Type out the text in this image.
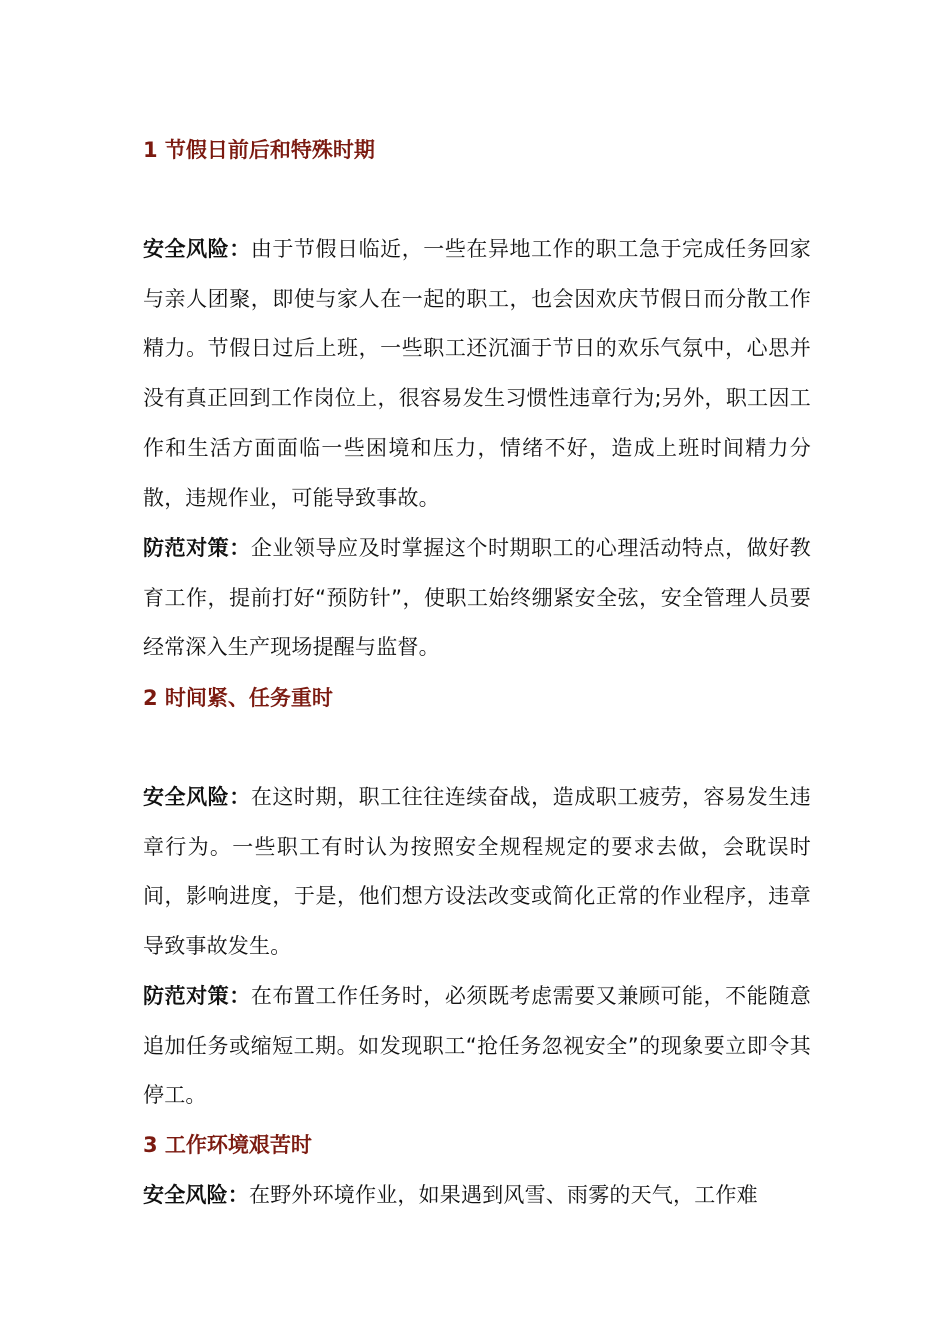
1 节假日前后和特殊时期
安全风险：由于节假日临近，一些在异地工作的职工急于完成任务回家与亲人团聚，即使与家人在一起的职工，也会因欢庆节假日而分散工作精力。节假日过后上班，一些职工还沉湎于节日的欢乐气氛中，心思并没有真正回到工作岗位上，很容易发生习惯性违章行为;另外，职工因工作和生活方面面临一些困境和压力，情绪不好，造成上班时间精力分散，违规作业，可能导致事故。
防范对策：企业领导应及时掌握这个时期职工的心理活动特点，做好教育工作，提前打好“预防针”，使职工始终绷紧安全弦，安全管理人员要经常深入生产现场提醒与监督。
2 时间紧、任务重时
安全风险：在这时期，职工往往连续奋战，造成职工疲劳，容易发生违章行为。一些职工有时认为按照安全规程规定的要求去做，会耽误时间，影响进度，于是，他们想方设法改变或简化正常的作业程序，违章导致事故发生。
防范对策：在布置工作任务时，必须既考虑需要又兼顾可能，不能随意追加任务或缩短工期。如发现职工“抢任务忽视安全”的现象要立即令其停工。
3 工作环境艰苦时
安全风险：在野外环境作业，如果遇到风雪、雨雾的天气，工作难
